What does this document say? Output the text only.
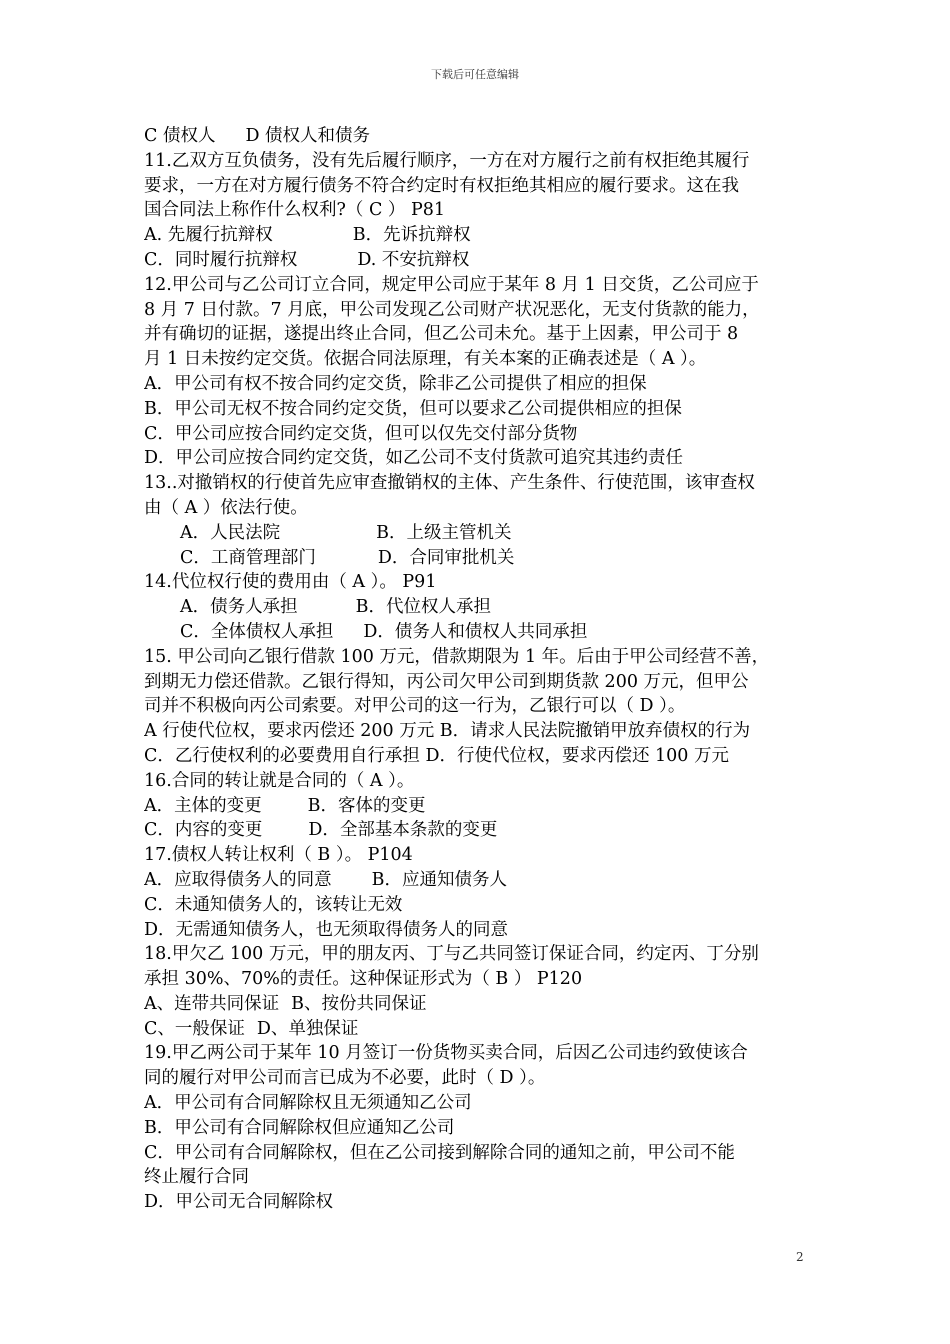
下载后可任意编辑
C 债权人 D 债权人和债务
11.乙双方互负债务，没有先后履行顺序，一方在对方履行之前有权拒绝其履行
要求，一方在对方履行债务不符合约定时有权拒绝其相应的履行要求。这在我
国合同法上称作什么权利?（ C ） P81
A. 先履行抗辩权	B．先诉抗辩权
C．同时履行抗辩权	D. 不安抗辩权
12.甲公司与乙公司订立合同，规定甲公司应于某年 8 月 1 日交货，乙公司应于
8 月 7 日付款。7 月底，甲公司发现乙公司财产状况恶化，无支付货款的能力，
并有确切的证据，遂提出终止合同，但乙公司未允。基于上因素，甲公司于 8
月 1 日未按约定交货。依据合同法原理，有关本案的正确表述是（ A ）。
A．甲公司有权不按合同约定交货，除非乙公司提供了相应的担保
B．甲公司无权不按合同约定交货，但可以要求乙公司提供相应的担保
C．甲公司应按合同约定交货，但可以仅先交付部分货物
D．甲公司应按合同约定交货，如乙公司不支付货款可追究其违约责任
13..对撤销权的行使首先应审查撤销权的主体、产生条件、行使范围，该审查权
由（ A ）依法行使。
A．人民法院	B．上级主管机关
C．工商管理部门	D．合同审批机关
14.代位权行使的费用由（ A ）。 P91
A．债务人承担	B．代位权人承担
C．全体债权人承担 D．债务人和债权人共同承担
15. 甲公司向乙银行借款 100 万元，借款期限为 1 年。后由于甲公司经营不善，
到期无力偿还借款。乙银行得知，丙公司欠甲公司到期货款 200 万元，但甲公
司并不积极向丙公司索要。对甲公司的这一行为，乙银行可以（ D ）。
A 行使代位权，要求丙偿还 200 万元 B．请求人民法院撤销甲放弃债权的行为
C．乙行使权利的必要费用自行承担 D．行使代位权，要求丙偿还 100 万元
16.合同的转让就是合同的（ A ）。
A．主体的变更	B．客体的变更
C．内容的变更	D．全部基本条款的变更
17.债权人转让权利（ B ）。 P104
A．应取得债务人的同意 B．应通知债务人
C．未通知债务人的，该转让无效
D．无需通知债务人，也无须取得债务人的同意
18.甲欠乙 100 万元，甲的朋友丙、丁与乙共同签订保证合同，约定丙、丁分别
承担 30%、70%的责任。这种保证形式为（ B ） P120
A、连带共同保证 B、按份共同保证
C、一般保证 D、单独保证
19.甲乙两公司于某年 10 月签订一份货物买卖合同，后因乙公司违约致使该合
同的履行对甲公司而言已成为不必要，此时（ D ）。
A．甲公司有合同解除权且无须通知乙公司
B．甲公司有合同解除权但应通知乙公司
C．甲公司有合同解除权，但在乙公司接到解除合同的通知之前，甲公司不能
终止履行合同
D．甲公司无合同解除权
2
